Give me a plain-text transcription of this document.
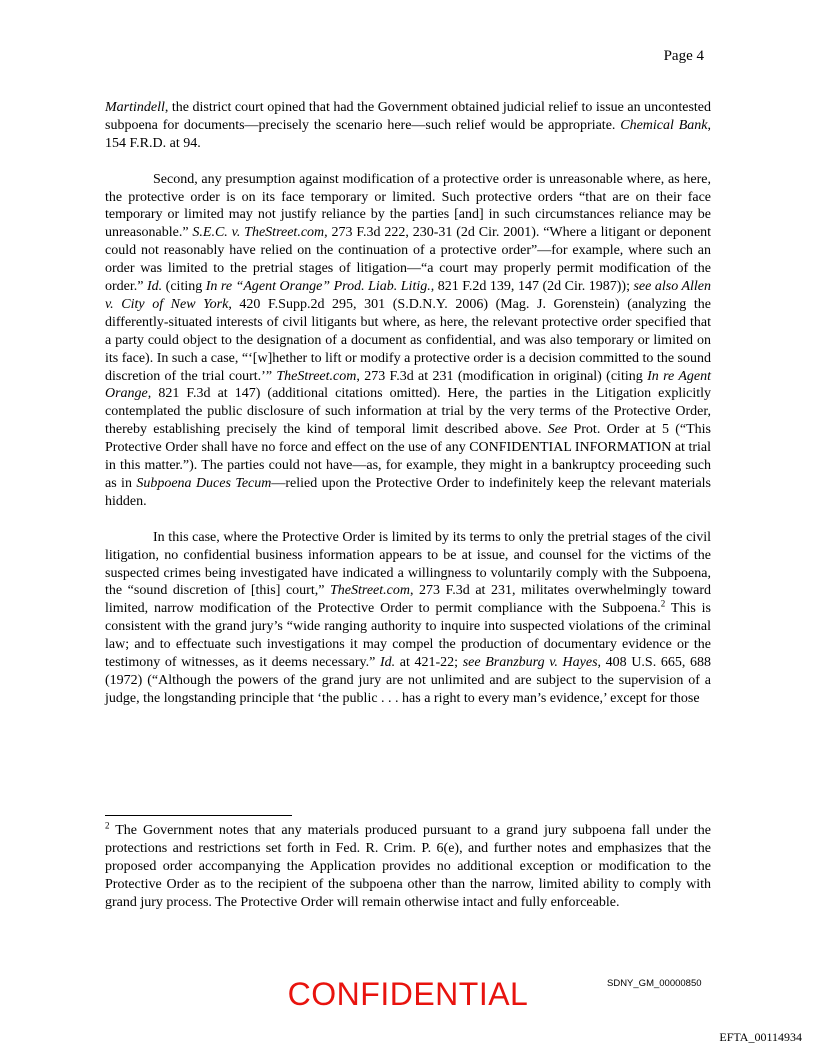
Page 4

Martindell, the district court opined that had the Government obtained judicial relief to issue an uncontested subpoena for documents—precisely the scenario here—such relief would be appropriate. Chemical Bank, 154 F.R.D. at 94.

Second, any presumption against modification of a protective order is unreasonable where, as here, the protective order is on its face temporary or limited. Such protective orders “that are on their face temporary or limited may not justify reliance by the parties [and] in such circumstances reliance may be unreasonable.” S.E.C. v. TheStreet.com, 273 F.3d 222, 230-31 (2d Cir. 2001). “Where a litigant or deponent could not reasonably have relied on the continuation of a protective order”—for example, where such an order was limited to the pretrial stages of litigation—“a court may properly permit modification of the order.” Id. (citing In re “Agent Orange” Prod. Liab. Litig., 821 F.2d 139, 147 (2d Cir. 1987)); see also Allen v. City of New York, 420 F.Supp.2d 295, 301 (S.D.N.Y. 2006) (Mag. J. Gorenstein) (analyzing the differently-situated interests of civil litigants but where, as here, the relevant protective order specified that a party could object to the designation of a document as confidential, and was also temporary or limited on its face). In such a case, “‘[w]hether to lift or modify a protective order is a decision committed to the sound discretion of the trial court.’” TheStreet.com, 273 F.3d at 231 (modification in original) (citing In re Agent Orange, 821 F.3d at 147) (additional citations omitted). Here, the parties in the Litigation explicitly contemplated the public disclosure of such information at trial by the very terms of the Protective Order, thereby establishing precisely the kind of temporal limit described above. See Prot. Order at 5 (“This Protective Order shall have no force and effect on the use of any CONFIDENTIAL INFORMATION at trial in this matter.”). The parties could not have—as, for example, they might in a bankruptcy proceeding such as in Subpoena Duces Tecum—relied upon the Protective Order to indefinitely keep the relevant materials hidden.

In this case, where the Protective Order is limited by its terms to only the pretrial stages of the civil litigation, no confidential business information appears to be at issue, and counsel for the victims of the suspected crimes being investigated have indicated a willingness to voluntarily comply with the Subpoena, the “sound discretion of [this] court,” TheStreet.com, 273 F.3d at 231, militates overwhelmingly toward limited, narrow modification of the Protective Order to permit compliance with the Subpoena.$^2$ This is consistent with the grand jury’s “wide ranging authority to inquire into suspected violations of the criminal law; and to effectuate such investigations it may compel the production of documentary evidence or the testimony of witnesses, as it deems necessary.” Id. at 421-22; see Branzburg v. Hayes, 408 U.S. 665, 688 (1972) (“Although the powers of the grand jury are not unlimited and are subject to the supervision of a judge, the longstanding principle that ‘the public . . . has a right to every man’s evidence,’ except for those

$^2$ The Government notes that any materials produced pursuant to a grand jury subpoena fall under the protections and restrictions set forth in Fed. R. Crim. P. 6(e), and further notes and emphasizes that the proposed order accompanying the Application provides no additional exception or modification to the Protective Order as to the recipient of the subpoena other than the narrow, limited ability to comply with grand jury process. The Protective Order will remain otherwise intact and fully enforceable.
SDNY_GM_00000850
CONFIDENTIAL
EFTA_00114934
